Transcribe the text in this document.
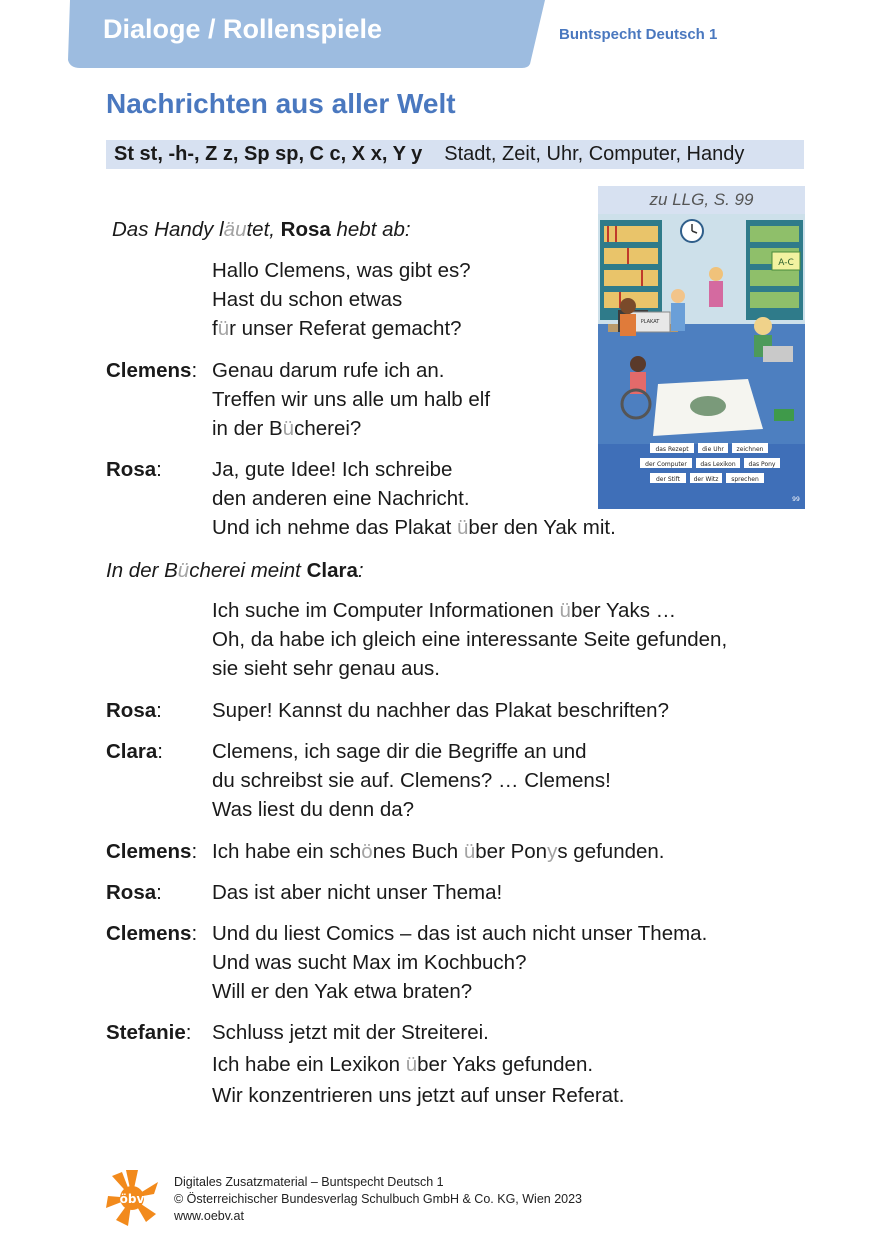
Dialoge / Rollenspiele	Buntspecht Deutsch 1
Nachrichten aus aller Welt
St st, -h-, Z z, Sp sp, C c, X x, Y y Stadt, Zeit, Uhr, Computer, Handy
zu LLG, S. 99
A-C
PLAKAT
das Rezept die Uhr zeichnen
der Computer das Lexikon das Pony
der Stift der Witz sprechen
99
Das Handy läutet, Rosa hebt ab:
Hallo Clemens, was gibt es?
Hast du schon etwas
für unser Referat gemacht?
Clemens: Genau darum rufe ich an.
Treffen wir uns alle um halb elf
in der Bücherei?
Rosa: Ja, gute Idee! Ich schreibe
den anderen eine Nachricht.
Und ich nehme das Plakat über den Yak mit.
In der Bücherei meint Clara:
Ich suche im Computer Informationen über Yaks …
Oh, da habe ich gleich eine interessante Seite gefunden,
sie sieht sehr genau aus.
Rosa: Super! Kannst du nachher das Plakat beschriften?
Clara: Clemens, ich sage dir die Begriffe an und
du schreibst sie auf. Clemens? … Clemens!
Was liest du denn da?
Clemens: Ich habe ein schönes Buch über Ponys gefunden.
Rosa: Das ist aber nicht unser Thema!
Clemens: Und du liest Comics – das ist auch nicht unser Thema.
Und was sucht Max im Kochbuch?
Will er den Yak etwa braten?
Stefanie: Schluss jetzt mit der Streiterei.
Ich habe ein Lexikon über Yaks gefunden.
Wir konzentrieren uns jetzt auf unser Referat.
öbv
Digitales Zusatzmaterial – Buntspecht Deutsch 1
© Österreichischer Bundesverlag Schulbuch GmbH & Co. KG, Wien 2023
www.oebv.at
